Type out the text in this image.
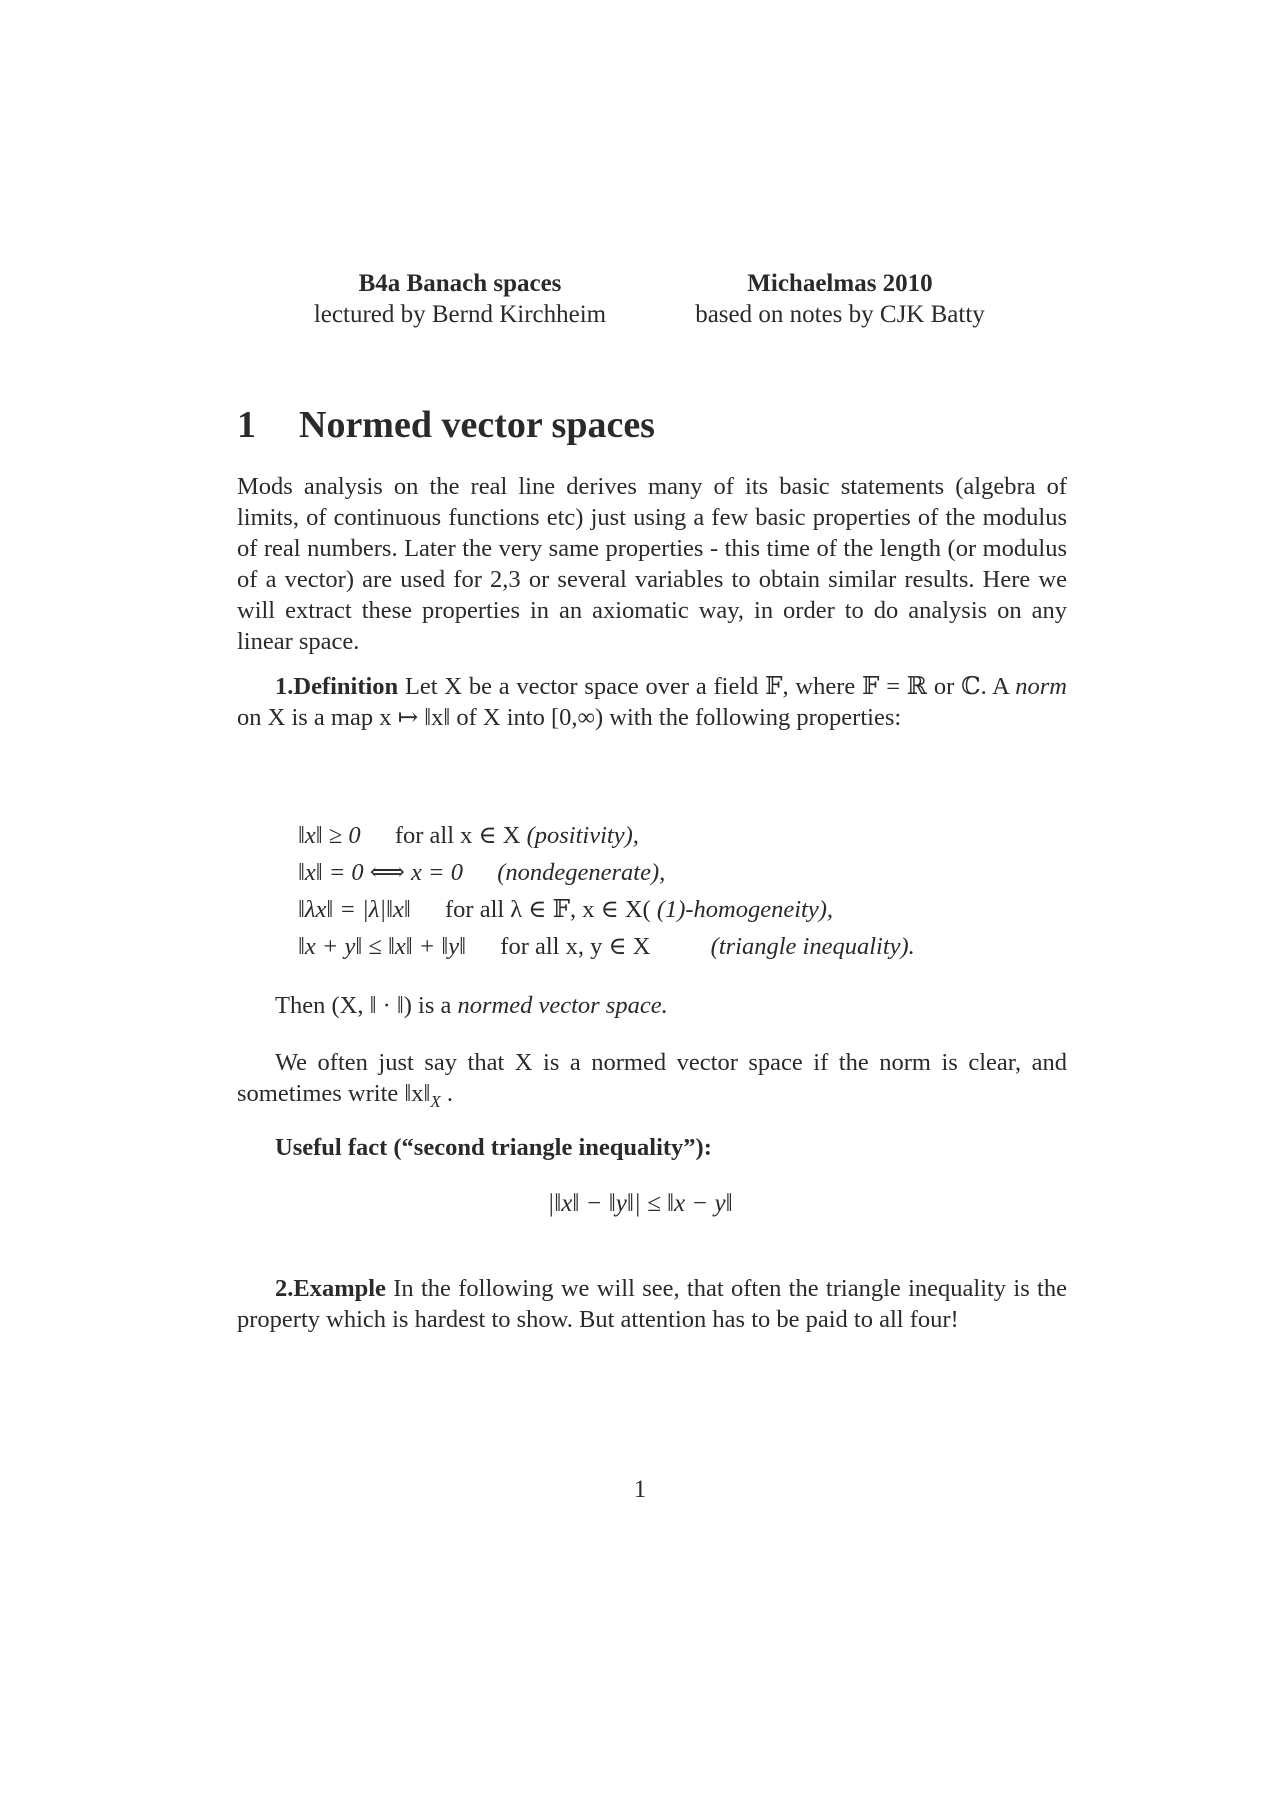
B4a Banach spaces
lectured by Bernd Kirchheim
Michaelmas 2010
based on notes by CJK Batty
1 Normed vector spaces
Mods analysis on the real line derives many of its basic statements (algebra of limits, of continuous functions etc) just using a few basic properties of the modulus of real numbers. Later the very same properties - this time of the length (or modulus of a vector) are used for 2,3 or several variables to obtain similar results. Here we will extract these properties in an axiomatic way, in order to do analysis on any linear space.
1.Definition Let X be a vector space over a field 𝔽, where 𝔽 = ℝ or ℂ. A norm on X is a map x ↦ ‖x‖ of X into [0,∞) with the following properties:
‖x‖ ≥ 0 for all x ∈ X (positivity),
‖x‖ = 0 ⟺ x = 0 (nondegenerate),
‖λx‖ = |λ|‖x‖ for all λ ∈ 𝔽, x ∈ X( (1)-homogeneity),
‖x + y‖ ≤ ‖x‖ + ‖y‖ for all x, y ∈ X (triangle inequality).
Then (X, ‖ · ‖) is a normed vector space.
We often just say that X is a normed vector space if the norm is clear, and sometimes write $‖x‖_X$ .
Useful fact (“second triangle inequality”):
|‖x‖ − ‖y‖| ≤ ‖x − y‖
2.Example In the following we will see, that often the triangle inequality is the property which is hardest to show. But attention has to be paid to all four!
1
